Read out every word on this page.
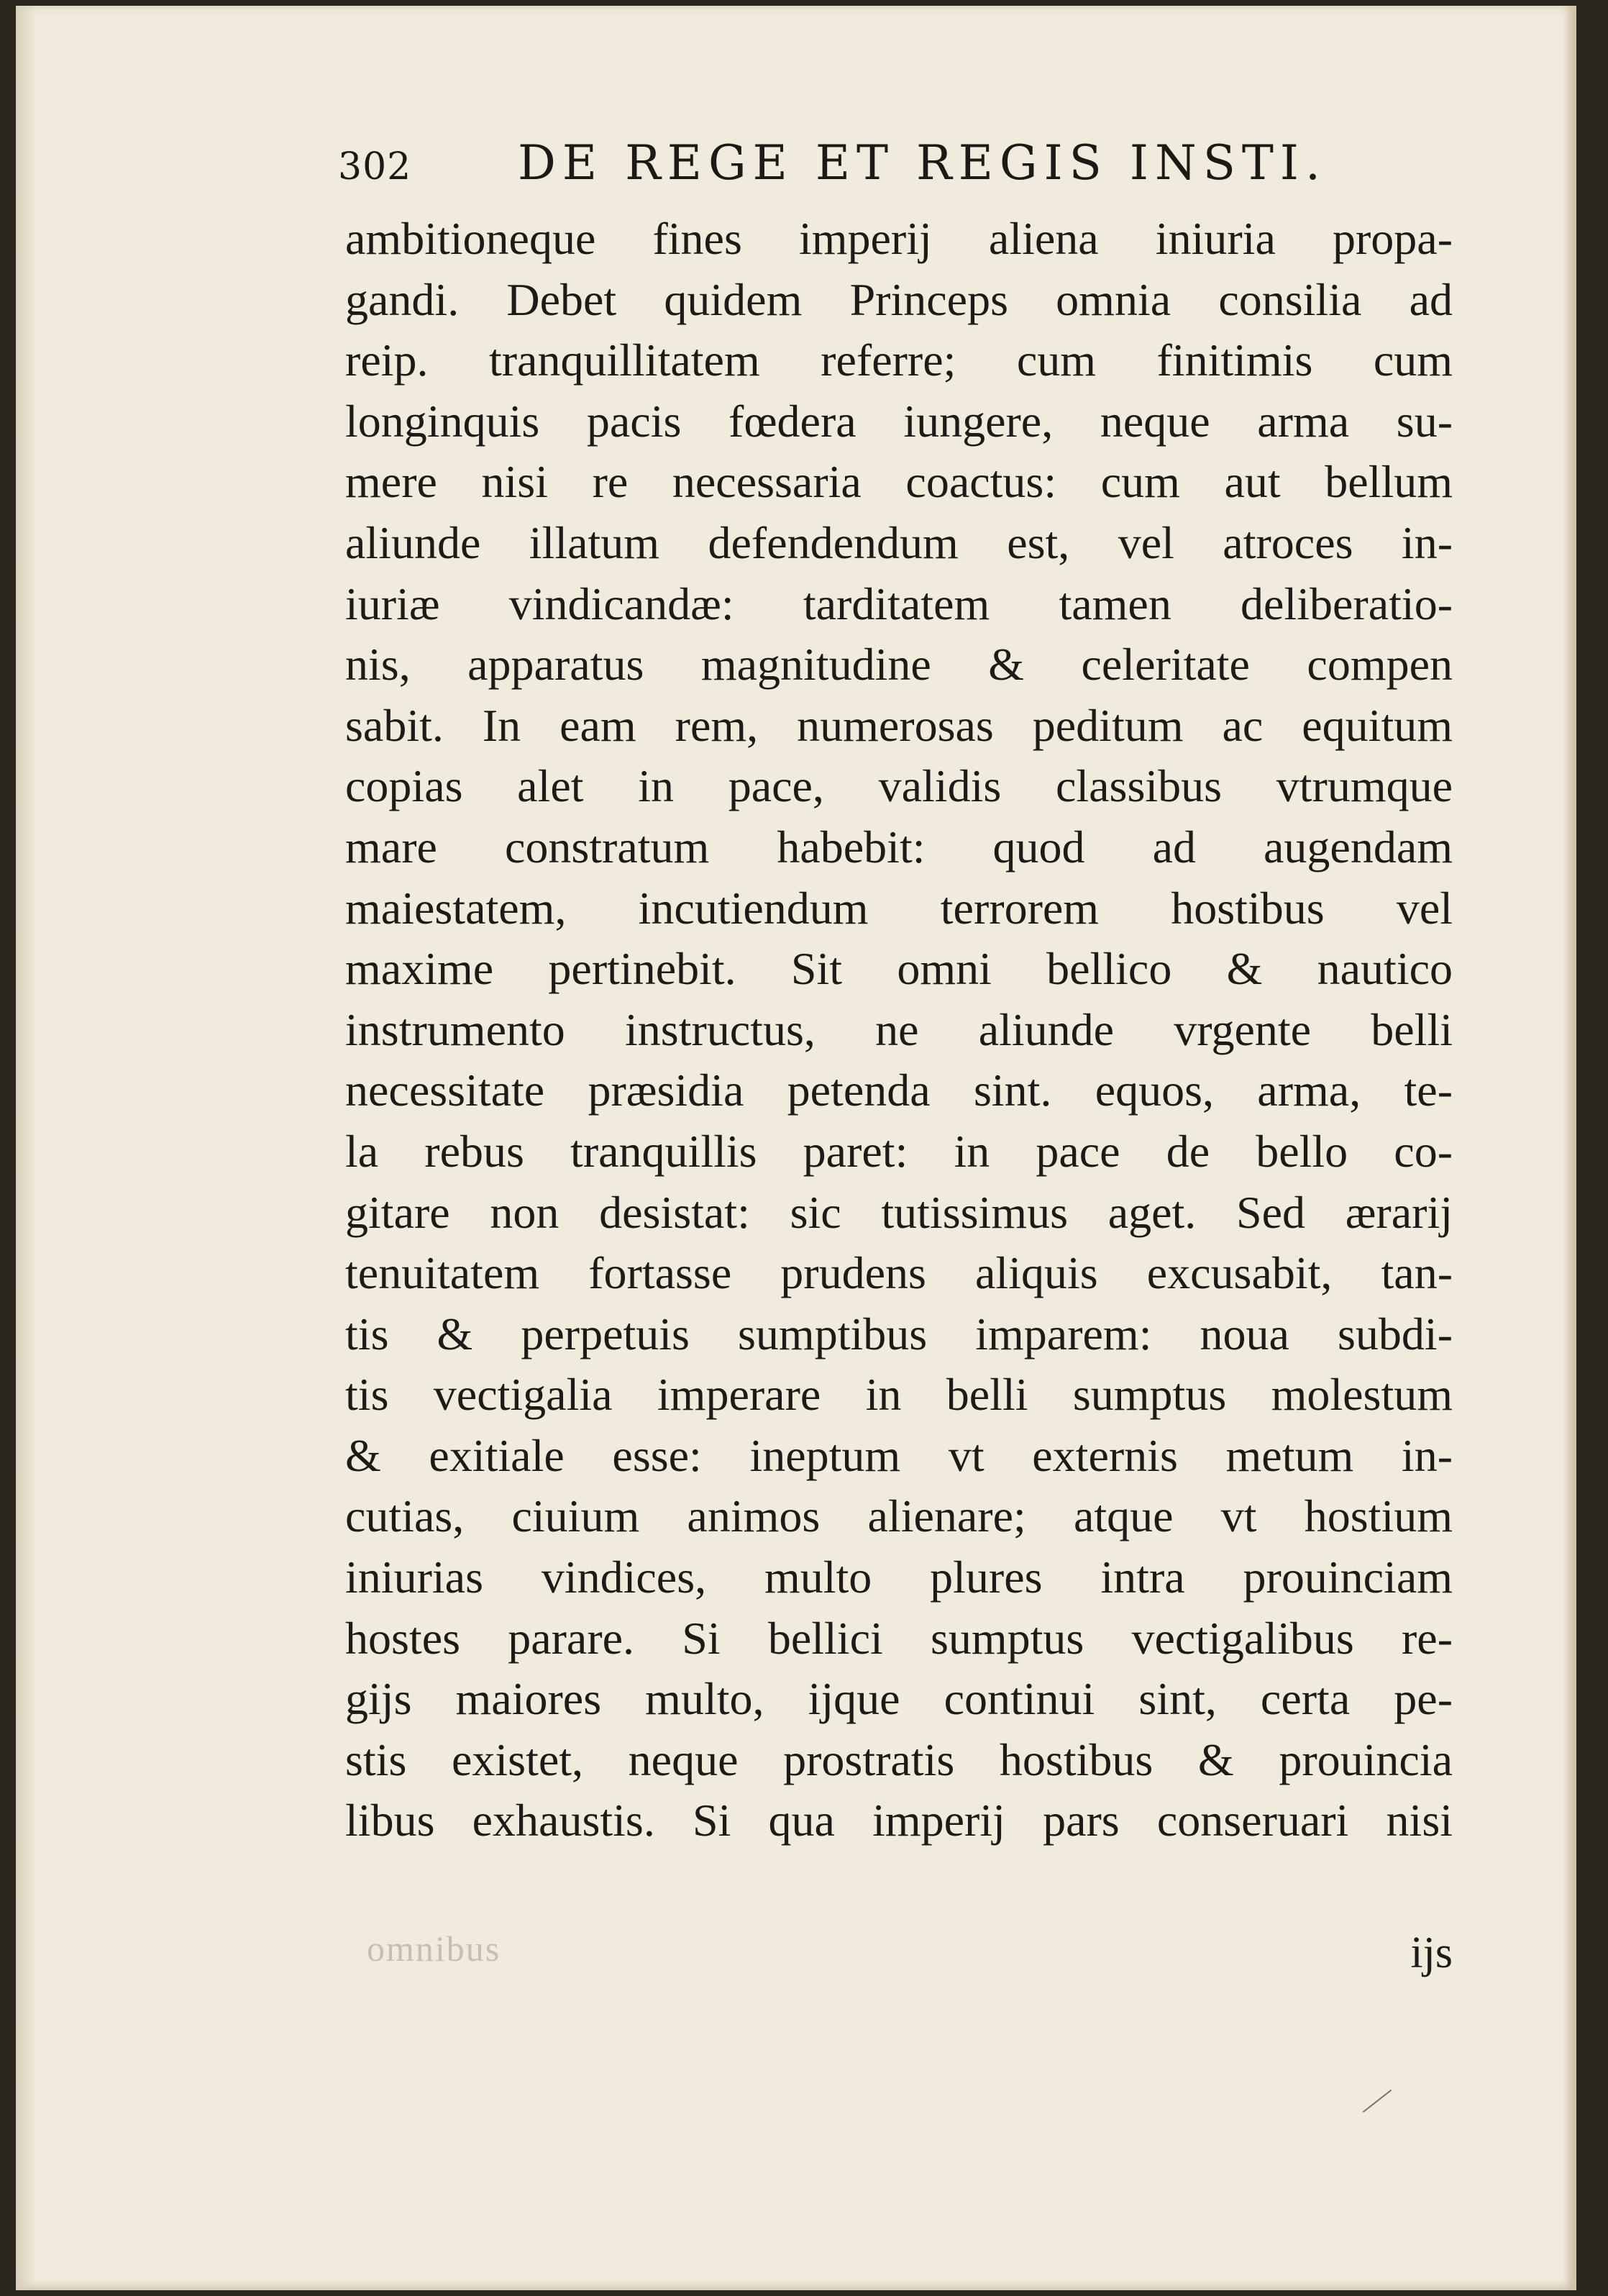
302 DE REGE ET REGIS INSTI.
ambitioneque fines imperij aliena iniuria propa-
gandi. Debet quidem Princeps omnia consilia ad
reip. tranquillitatem referre; cum finitimis cum
longinquis pacis fœdera iungere, neque arma su-
mere nisi re necessaria coactus: cum aut bellum
aliunde illatum defendendum est, vel atroces in-
iuriæ vindicandæ: tarditatem tamen deliberatio-
nis, apparatus magnitudine & celeritate compen
sabit. In eam rem, numerosas peditum ac equitum
copias alet in pace, validis classibus vtrumque
mare constratum habebit: quod ad augendam
maiestatem, incutiendum terrorem hostibus vel
maxime pertinebit. Sit omni bellico & nautico
instrumento instructus, ne aliunde vrgente belli
necessitate præsidia petenda sint. equos, arma, te-
la rebus tranquillis paret: in pace de bello co-
gitare non desistat: sic tutissimus aget. Sed ærarij
tenuitatem fortasse prudens aliquis excusabit, tan-
tis & perpetuis sumptibus imparem: noua subdi-
tis vectigalia imperare in belli sumptus molestum
& exitiale esse: ineptum vt externis metum in-
cutias, ciuium animos alienare; atque vt hostium
iniurias vindices, multo plures intra prouinciam
hostes parare. Si bellici sumptus vectigalibus re-
gijs maiores multo, ijque continui sint, certa pe-
stis existet, neque prostratis hostibus & prouincia
libus exhaustis. Si qua imperij pars conseruari nisi
omnibus	ijs
